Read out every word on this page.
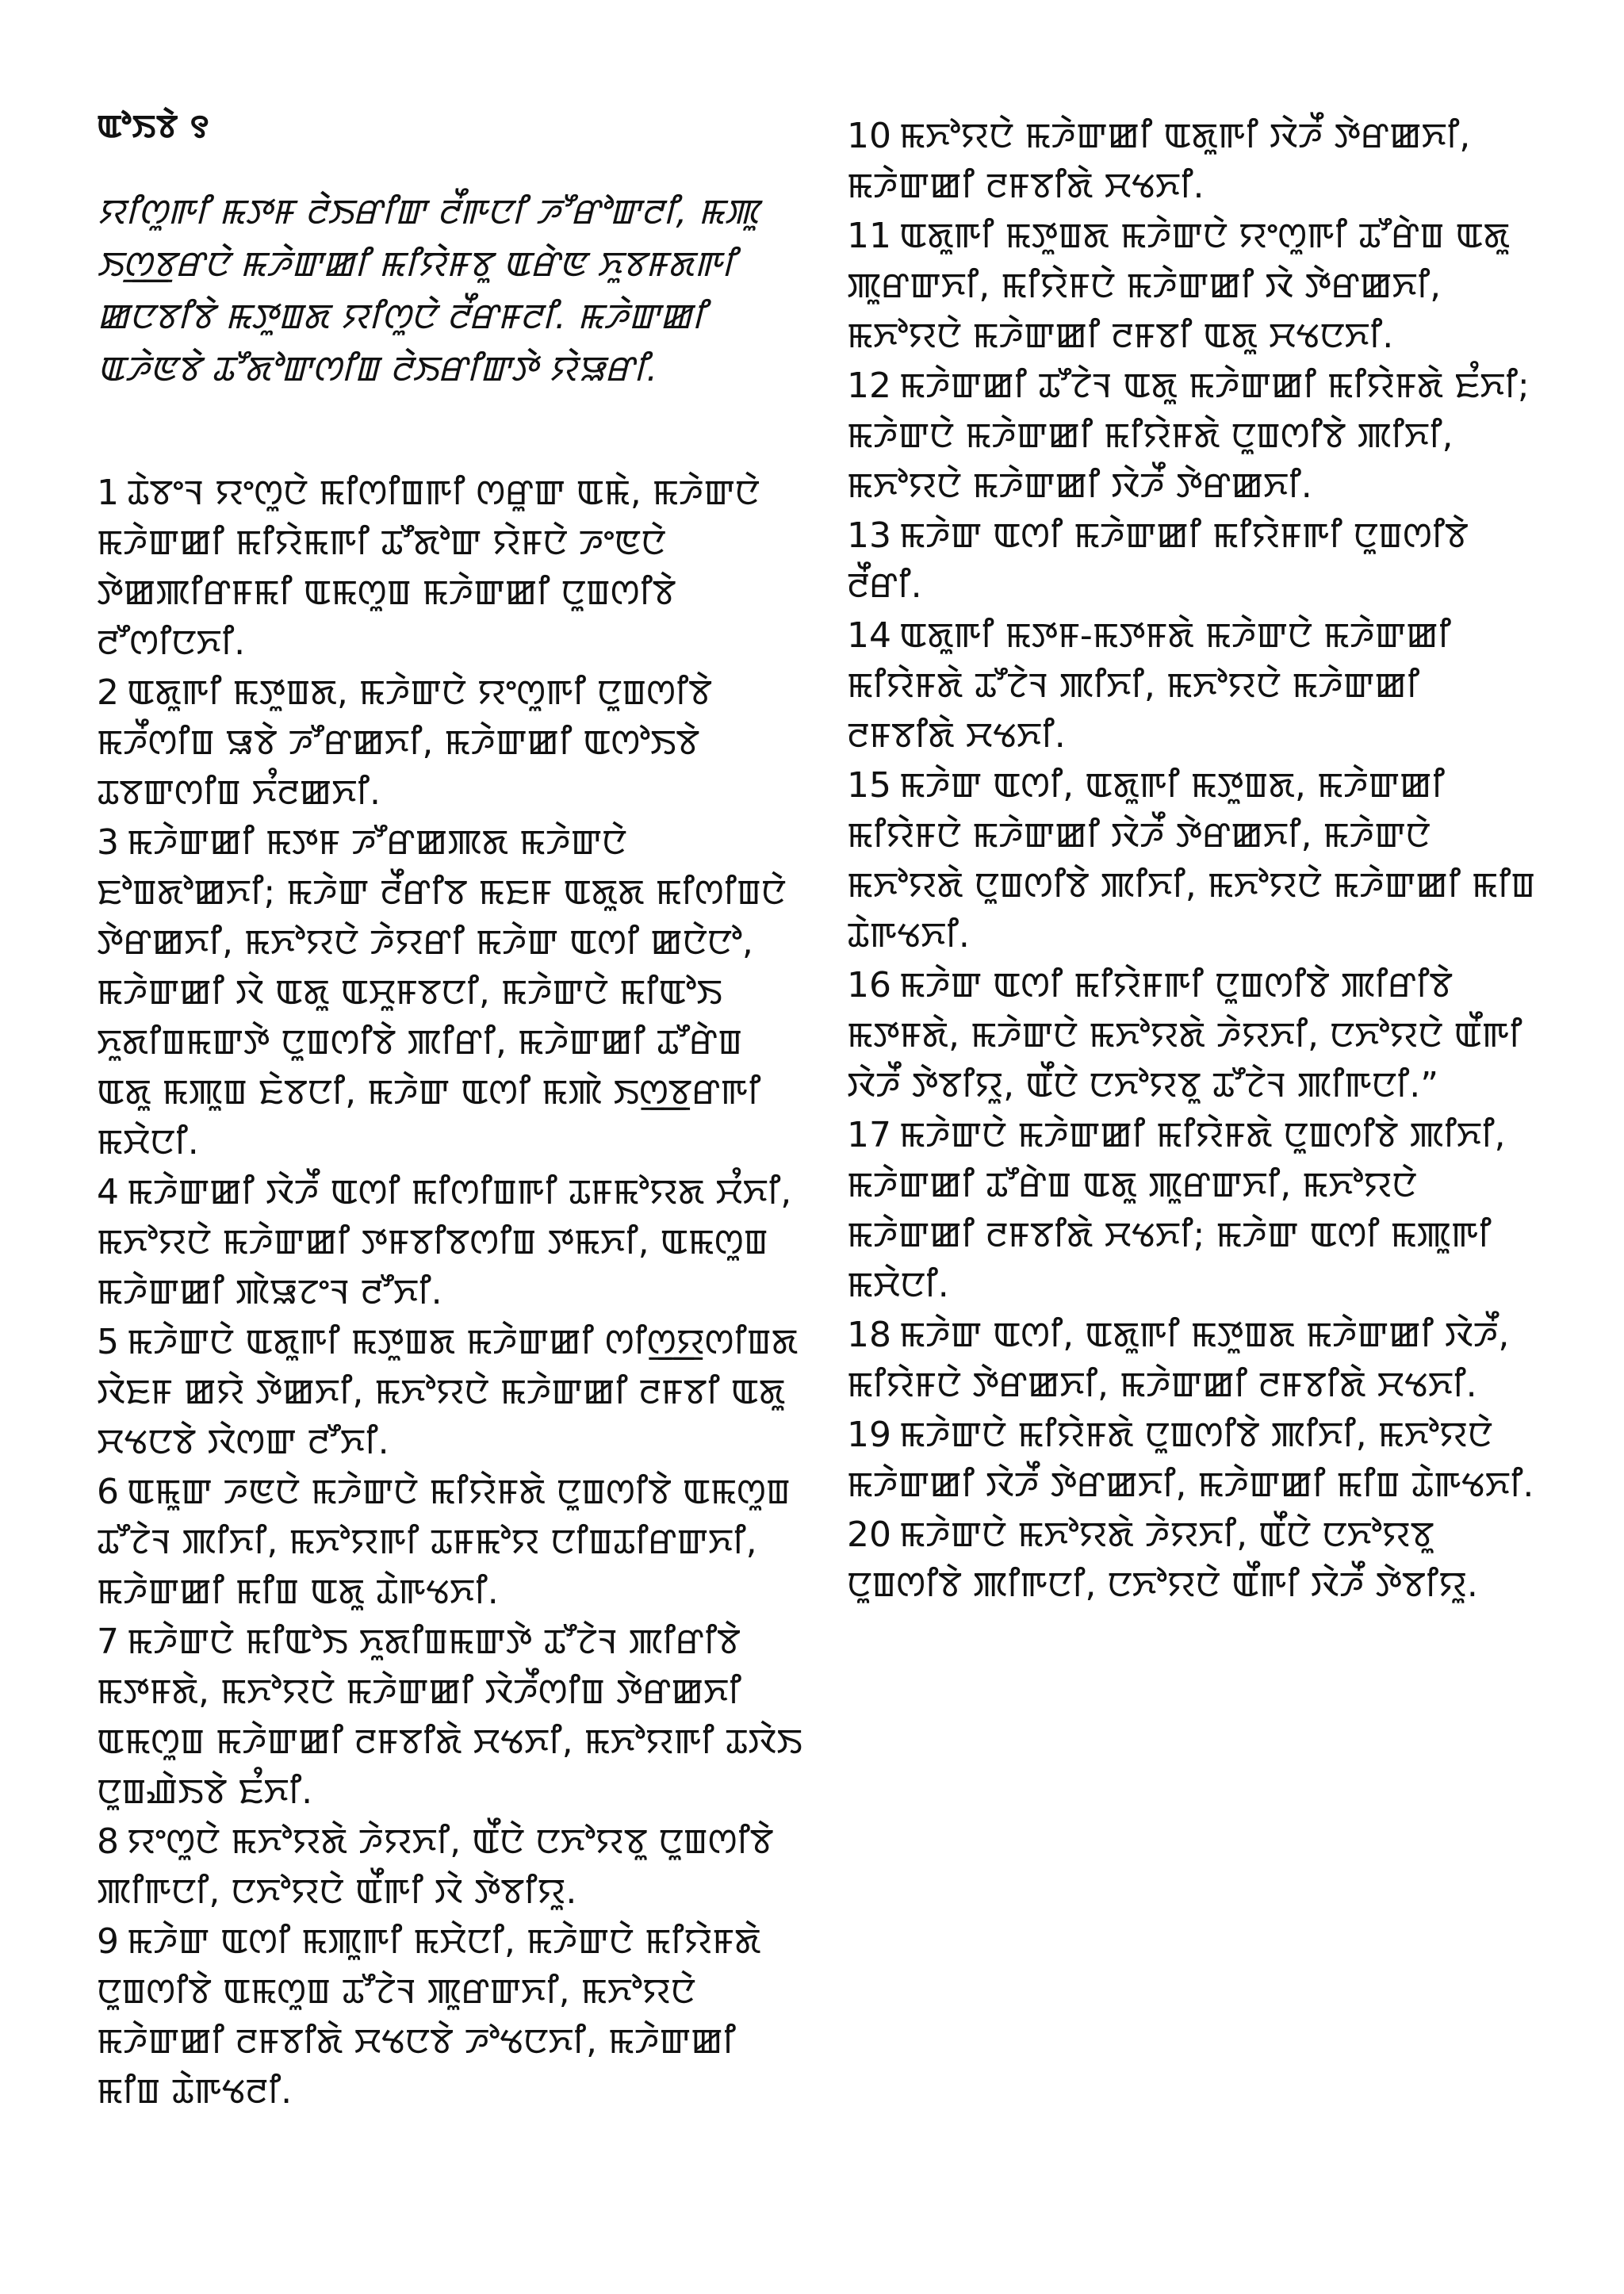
ꯑꯣꯏꯕꯥ ꯱
ꯌꯤꯁꯨꯒꯤ ꯃꯇꯝ ꯂꯥꯏꯔꯤꯛ ꯂꯩꯒꯅꯤ ꯍꯧꯔꯣꯛꯂꯤ, ꯃꯄꯨ ꯏꯁ꯭ꯕꯔꯅꯥ ꯃꯍꯥꯛꯀꯤ ꯃꯤꯌꯥꯝꯕꯨ ꯑꯔꯥꯟ ꯈꯨꯕꯝꯗꯒꯤ ꯀꯅꯕꯤꯕꯥ ꯃꯇꯨꯡꯗ ꯌꯤꯁꯨꯅꯥ ꯂꯩꯔꯝꯂꯤ. ꯃꯍꯥꯛꯀꯤ ꯑꯍꯥꯟꯕꯥ ꯊꯧꯗꯣꯛꯁꯤꯡ ꯂꯥꯏꯔꯤꯛꯇꯥ ꯌꯥꯎꯔꯤ.

1 ꯊꯥꯕꯦꯜ ꯌꯦꯁꯨꯅꯥ ꯃꯤꯁꯤꯡꯒꯤ ꯁꯔꯨꯛ ꯑꯃꯥ, ꯃꯍꯥꯛꯅꯥ ꯃꯍꯥꯛꯀꯤ ꯃꯤꯌꯥꯃꯒꯤ ꯊꯧꯗꯣꯛ ꯌꯥꯝꯅꯥ ꯍꯦꯟꯅꯥ ꯇꯥꯀꯄꯤꯔꯝꯃꯤ ꯑꯃꯁꯨꯡ ꯃꯍꯥꯛꯀꯤ ꯅꯨꯡꯁꯤꯕꯥ ꯂꯧꯁꯤꯅꯈꯤ.

2 ꯑꯗꯨꯒꯤ ꯃꯇꯨꯡꯗ, ꯃꯍꯥꯛꯅꯥ ꯌꯦꯁꯨꯒꯤ ꯅꯨꯡꯁꯤꯕꯥ ꯃꯍꯩꯁꯤꯡ ꯎꯕꯥ ꯍꯧꯔꯀꯈꯤ, ꯃꯍꯥꯛꯀꯤ ꯑꯁꯣꯏꯕꯥ ꯊꯕꯛꯁꯤꯡ ꯈꯪꯂꯀꯈꯤ.

3 ꯃꯍꯥꯛꯀꯤ ꯃꯇꯝ ꯍꯧꯔꯀꯄꯗ ꯃꯍꯥꯛꯅꯥ ꯐꯣꯡꯗꯣꯀꯈꯤ; ꯃꯍꯥꯛ ꯂꯩꯔꯤꯕ ꯃꯐꯝ ꯑꯗꯨꯗ ꯃꯤꯁꯤꯡꯅꯥ ꯇꯥꯔꯀꯈꯤ, ꯃꯈꯣꯌꯅꯥ ꯍꯥꯌꯔꯤ ꯃꯍꯥꯛ ꯑꯁꯤ ꯀꯅꯥꯅꯣ, ꯃꯍꯥꯛꯀꯤ ꯋꯥ ꯑꯗꯨ ꯑꯆꯨꯝꯕꯅꯤ, ꯃꯍꯥꯛꯅꯥ ꯃꯤꯑꯣꯏ ꯈꯨꯗꯤꯡꯃꯛꯇꯥ ꯅꯨꯡꯁꯤꯕꯥ ꯄꯤꯔꯤ, ꯃꯍꯥꯛꯀꯤ ꯊꯧꯔꯥꯡ ꯑꯗꯨ ꯃꯄꯨꯡ ꯐꯥꯕꯅꯤ, ꯃꯍꯥꯛ ꯑꯁꯤ ꯃꯄꯥ ꯏꯁ꯭ꯕꯔꯒꯤ ꯃꯆꯥꯅꯤ.

4 ꯃꯍꯥꯛꯀꯤ ꯋꯥꯍꯩ ꯑꯁꯤ ꯃꯤꯁꯤꯡꯒꯤ ꯊꯝꯃꯣꯌꯗ ꯆꯪꯈꯤ, ꯃꯈꯣꯌꯅꯥ ꯃꯍꯥꯛꯀꯤ ꯇꯝꯕꯤꯕꯁꯤꯡ ꯇꯃꯈꯤ, ꯑꯃꯁꯨꯡ ꯃꯍꯥꯛꯀꯤ ꯄꯥꯎꯖꯦꯜ ꯂꯧꯈꯤ.

5 ꯃꯍꯥꯛꯅꯥ ꯑꯗꯨꯒꯤ ꯃꯇꯨꯡꯗ ꯃꯍꯥꯛꯀꯤ ꯁꯤꯁ꯭ꯌꯁꯤꯡꯗ ꯋꯥꯐꯝ ꯀꯌꯥ ꯇꯥꯀꯈꯤ, ꯃꯈꯣꯌꯅꯥ ꯃꯍꯥꯛꯀꯤ ꯂꯝꯕꯤ ꯑꯗꯨ ꯆꯠꯅꯕꯥ ꯋꯥꯁꯛ ꯂꯧꯈꯤ.

6 ꯑꯃꯨꯛ ꯍꯟꯅꯥ ꯃꯍꯥꯛꯅꯥ ꯃꯤꯌꯥꯝꯗꯥ ꯅꯨꯡꯁꯤꯕꯥ ꯑꯃꯁꯨꯡ ꯊꯧꯖꯥꯜ ꯄꯤꯈꯤ, ꯃꯈꯣꯌꯒꯤ ꯊꯝꯃꯣꯌ ꯅꯤꯡꯊꯤꯔꯛꯈꯤ, ꯃꯍꯥꯛꯀꯤ ꯃꯤꯡ ꯑꯗꯨ ꯊꯥꯒꯠꯈꯤ.

7 ꯃꯍꯥꯛꯅꯥ ꯃꯤꯑꯣꯏ ꯈꯨꯗꯤꯡꯃꯛꯇꯥ ꯊꯧꯖꯥꯜ ꯄꯤꯔꯤꯕꯥ ꯃꯇꯝꯗꯥ, ꯃꯈꯣꯌꯅꯥ ꯃꯍꯥꯛꯀꯤ ꯋꯥꯍꯩꯁꯤꯡ ꯇꯥꯔꯀꯈꯤ ꯑꯃꯁꯨꯡ ꯃꯍꯥꯛꯀꯤ ꯂꯝꯕꯤꯗꯥ ꯆꯠꯈꯤ, ꯃꯈꯣꯌꯒꯤ ꯊꯋꯥꯏ ꯅꯨꯡꯉꯥꯏꯕꯥ ꯐꯪꯈꯤ.

8 ꯌꯦꯁꯨꯅꯥ ꯃꯈꯣꯌꯗꯥ ꯍꯥꯌꯈꯤ, ꯑꯩꯅꯥ ꯅꯈꯣꯌꯕꯨ ꯅꯨꯡꯁꯤꯕꯥ ꯄꯤꯒꯅꯤ, ꯅꯈꯣꯌꯅꯥ ꯑꯩꯒꯤ ꯋꯥ ꯇꯥꯕꯤꯌꯨ.

9 ꯃꯍꯥꯛ ꯑꯁꯤ ꯃꯄꯨꯒꯤ ꯃꯆꯥꯅꯤ, ꯃꯍꯥꯛꯅꯥ ꯃꯤꯌꯥꯝꯗꯥ ꯅꯨꯡꯁꯤꯕꯥ ꯑꯃꯁꯨꯡ ꯊꯧꯖꯥꯜ ꯄꯨꯔꯛꯈꯤ, ꯃꯈꯣꯌꯅꯥ ꯃꯍꯥꯛꯀꯤ ꯂꯝꯕꯤꯗꯥ ꯆꯠꯅꯕꯥ ꯍꯣꯠꯅꯈꯤ, ꯃꯍꯥꯛꯀꯤ ꯃꯤꯡ ꯊꯥꯒꯠꯂꯤ.

10 ꯃꯈꯣꯌꯅꯥ ꯃꯍꯥꯛꯀꯤ ꯑꯗꯨꯒꯤ ꯋꯥꯍꯩ ꯇꯥꯔꯀꯈꯤ, ꯃꯍꯥꯛꯀꯤ ꯂꯝꯕꯤꯗꯥ ꯆꯠꯈꯤ.

11 ꯑꯗꯨꯒꯤ ꯃꯇꯨꯡꯗ ꯃꯍꯥꯛꯅꯥ ꯌꯦꯁꯨꯒꯤ ꯊꯧꯔꯥꯡ ꯑꯗꯨ ꯄꯨꯔꯛꯈꯤ, ꯃꯤꯌꯥꯝꯅꯥ ꯃꯍꯥꯛꯀꯤ ꯋꯥ ꯇꯥꯔꯀꯈꯤ, ꯃꯈꯣꯌꯅꯥ ꯃꯍꯥꯛꯀꯤ ꯂꯝꯕꯤ ꯑꯗꯨ ꯆꯠꯅꯈꯤ.

12 ꯃꯍꯥꯛꯀꯤ ꯊꯧꯖꯥꯜ ꯑꯗꯨ ꯃꯍꯥꯛꯀꯤ ꯃꯤꯌꯥꯝꯗꯥ ꯐꯪꯈꯤ; ꯃꯍꯥꯛꯅꯥ ꯃꯍꯥꯛꯀꯤ ꯃꯤꯌꯥꯝꯗꯥ ꯅꯨꯡꯁꯤꯕꯥ ꯄꯤꯈꯤ, ꯃꯈꯣꯌꯅꯥ ꯃꯍꯥꯛꯀꯤ ꯋꯥꯍꯩ ꯇꯥꯔꯀꯈꯤ.

13 ꯃꯍꯥꯛ ꯑꯁꯤ ꯃꯍꯥꯛꯀꯤ ꯃꯤꯌꯥꯝꯒꯤ ꯅꯨꯡꯁꯤꯕꯥ ꯂꯩꯔꯤ.

14 ꯑꯗꯨꯒꯤ ꯃꯇꯝ-ꯃꯇꯝꯗꯥ ꯃꯍꯥꯛꯅꯥ ꯃꯍꯥꯛꯀꯤ ꯃꯤꯌꯥꯝꯗꯥ ꯊꯧꯖꯥꯜ ꯄꯤꯈꯤ, ꯃꯈꯣꯌꯅꯥ ꯃꯍꯥꯛꯀꯤ ꯂꯝꯕꯤꯗꯥ ꯆꯠꯈꯤ.

15 ꯃꯍꯥꯛ ꯑꯁꯤ, ꯑꯗꯨꯒꯤ ꯃꯇꯨꯡꯗ, ꯃꯍꯥꯛꯀꯤ ꯃꯤꯌꯥꯝꯅꯥ ꯃꯍꯥꯛꯀꯤ ꯋꯥꯍꯩ ꯇꯥꯔꯀꯈꯤ, ꯃꯍꯥꯛꯅꯥ ꯃꯈꯣꯌꯗꯥ ꯅꯨꯡꯁꯤꯕꯥ ꯄꯤꯈꯤ, ꯃꯈꯣꯌꯅꯥ ꯃꯍꯥꯛꯀꯤ ꯃꯤꯡ ꯊꯥꯒꯠꯈꯤ.

16 ꯃꯍꯥꯛ ꯑꯁꯤ ꯃꯤꯌꯥꯝꯒꯤ ꯅꯨꯡꯁꯤꯕꯥ ꯄꯤꯔꯤꯕꯥ ꯃꯇꯝꯗꯥ, ꯃꯍꯥꯛꯅꯥ ꯃꯈꯣꯌꯗꯥ ꯍꯥꯌꯈꯤ, ꯅꯈꯣꯌꯅꯥ ꯑꯩꯒꯤ ꯋꯥꯍꯩ ꯇꯥꯕꯤꯌꯨ, ꯑꯩꯅꯥ ꯅꯈꯣꯌꯕꯨ ꯊꯧꯖꯥꯜ ꯄꯤꯒꯅꯤ.”

17 ꯃꯍꯥꯛꯅꯥ ꯃꯍꯥꯛꯀꯤ ꯃꯤꯌꯥꯝꯗꯥ ꯅꯨꯡꯁꯤꯕꯥ ꯄꯤꯈꯤ, ꯃꯍꯥꯛꯀꯤ ꯊꯧꯔꯥꯡ ꯑꯗꯨ ꯄꯨꯔꯛꯈꯤ, ꯃꯈꯣꯌꯅꯥ ꯃꯍꯥꯛꯀꯤ ꯂꯝꯕꯤꯗꯥ ꯆꯠꯈꯤ; ꯃꯍꯥꯛ ꯑꯁꯤ ꯃꯄꯨꯒꯤ ꯃꯆꯥꯅꯤ.

18 ꯃꯍꯥꯛ ꯑꯁꯤ, ꯑꯗꯨꯒꯤ ꯃꯇꯨꯡꯗ ꯃꯍꯥꯛꯀꯤ ꯋꯥꯍꯩ, ꯃꯤꯌꯥꯝꯅꯥ ꯇꯥꯔꯀꯈꯤ, ꯃꯍꯥꯛꯀꯤ ꯂꯝꯕꯤꯗꯥ ꯆꯠꯈꯤ.

19 ꯃꯍꯥꯛꯅꯥ ꯃꯤꯌꯥꯝꯗꯥ ꯅꯨꯡꯁꯤꯕꯥ ꯄꯤꯈꯤ, ꯃꯈꯣꯌꯅꯥ ꯃꯍꯥꯛꯀꯤ ꯋꯥꯍꯩ ꯇꯥꯔꯀꯈꯤ, ꯃꯍꯥꯛꯀꯤ ꯃꯤꯡ ꯊꯥꯒꯠꯈꯤ.

20 ꯃꯍꯥꯛꯅꯥ ꯃꯈꯣꯌꯗꯥ ꯍꯥꯌꯈꯤ, ꯑꯩꯅꯥ ꯅꯈꯣꯌꯕꯨ ꯅꯨꯡꯁꯤꯕꯥ ꯄꯤꯒꯅꯤ, ꯅꯈꯣꯌꯅꯥ ꯑꯩꯒꯤ ꯋꯥꯍꯩ ꯇꯥꯕꯤꯌꯨ.
